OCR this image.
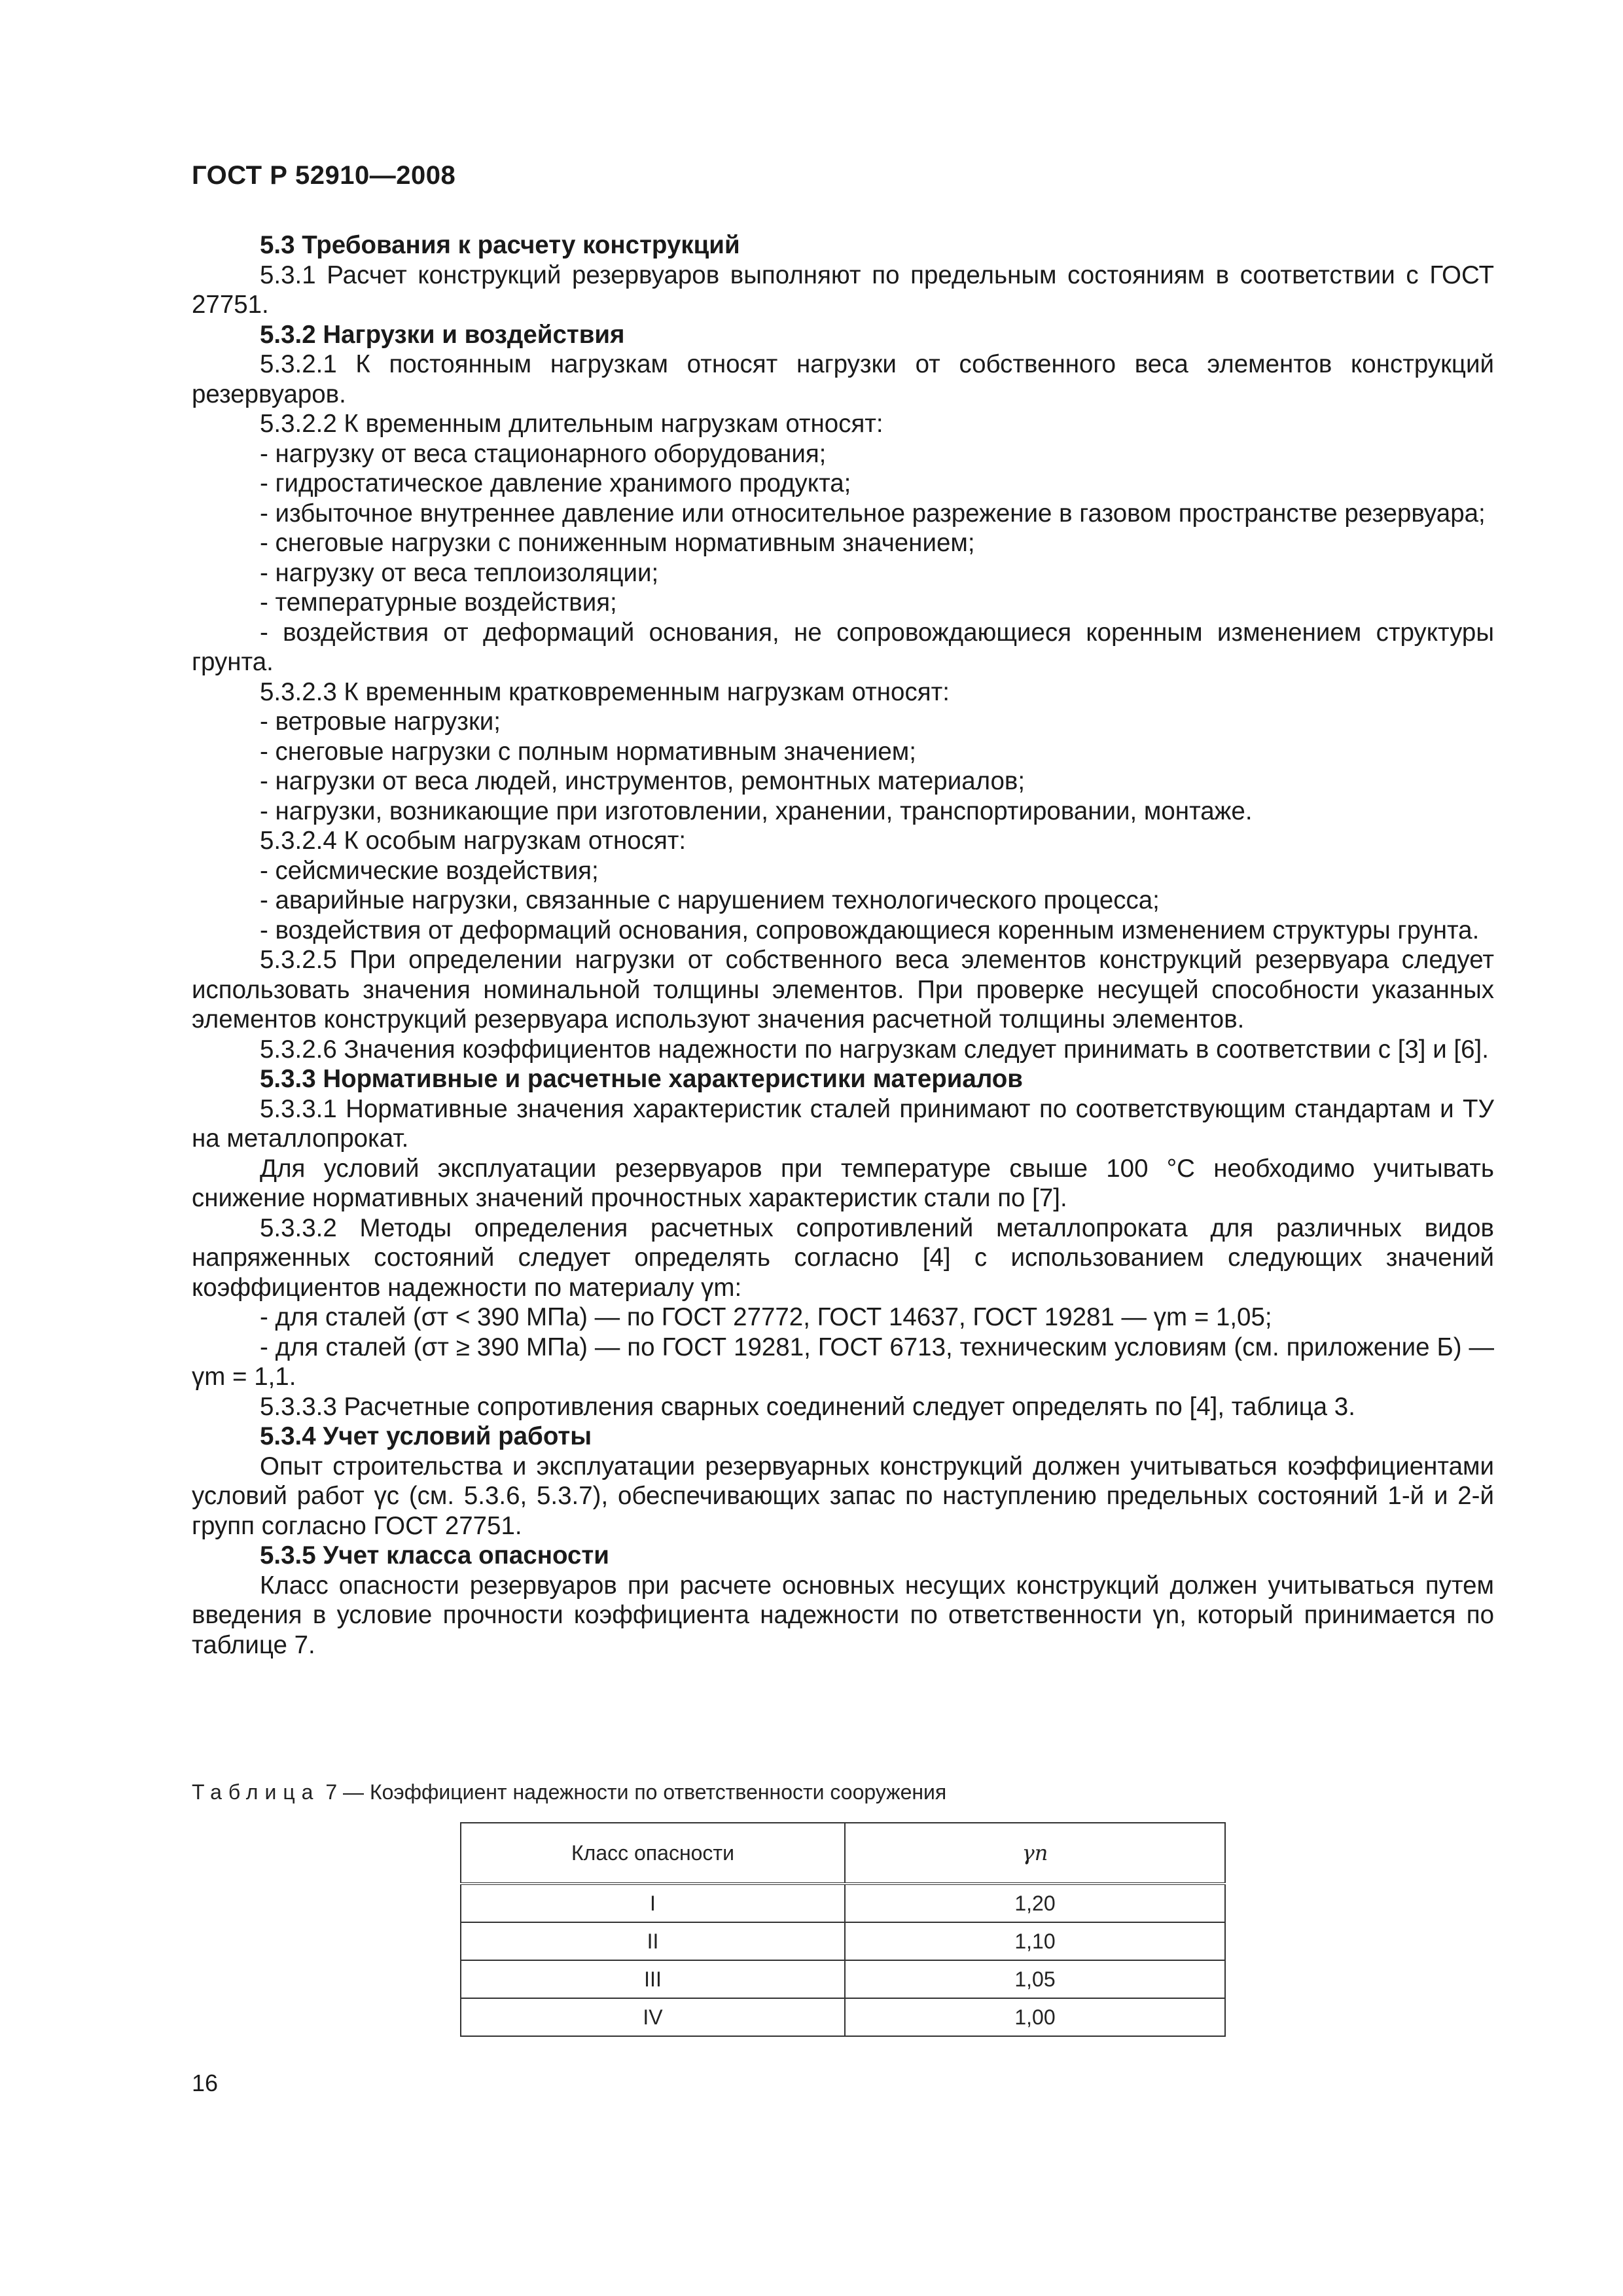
ГОСТ Р 52910—2008

5.3 Требования к расчету конструкций

5.3.1 Расчет конструкций резервуаров выполняют по предельным состояниям в соответствии с ГОСТ 27751.

5.3.2 Нагрузки и воздействия

5.3.2.1 К постоянным нагрузкам относят нагрузки от собственного веса элементов конструкций резервуаров.

5.3.2.2 К временным длительным нагрузкам относят:

- нагрузку от веса стационарного оборудования;

- гидростатическое давление хранимого продукта;

- избыточное внутреннее давление или относительное разрежение в газовом пространстве резервуара;

- снеговые нагрузки с пониженным нормативным значением;

- нагрузку от веса теплоизоляции;

- температурные воздействия;

- воздействия от деформаций основания, не сопровождающиеся коренным изменением структуры грунта.

5.3.2.3 К временным кратковременным нагрузкам относят:

- ветровые нагрузки;

- снеговые нагрузки с полным нормативным значением;

- нагрузки от веса людей, инструментов, ремонтных материалов;

- нагрузки, возникающие при изготовлении, хранении, транспортировании, монтаже.

5.3.2.4 К особым нагрузкам относят:

- сейсмические воздействия;

- аварийные нагрузки, связанные с нарушением технологического процесса;

- воздействия от деформаций основания, сопровождающиеся коренным изменением структуры грунта.

5.3.2.5 При определении нагрузки от собственного веса элементов конструкций резервуара следует использовать значения номинальной толщины элементов. При проверке несущей способности указанных элементов конструкций резервуара используют значения расчетной толщины элементов.

5.3.2.6 Значения коэффициентов надежности по нагрузкам следует принимать в соответствии с [3] и [6].

5.3.3 Нормативные и расчетные характеристики материалов

5.3.3.1 Нормативные значения характеристик сталей принимают по соответствующим стандартам и ТУ на металлопрокат.

Для условий эксплуатации резервуаров при температуре свыше 100 °С необходимо учитывать снижение нормативных значений прочностных характеристик стали по [7].

5.3.3.2 Методы определения расчетных сопротивлений металлопроката для различных видов напряженных состояний следует определять согласно [4] с использованием следующих значений коэффициентов надежности по материалу γm:

- для сталей (σт < 390 МПа) — по ГОСТ 27772, ГОСТ 14637, ГОСТ 19281 — γm = 1,05;

- для сталей (σт ≥ 390 МПа) — по ГОСТ 19281, ГОСТ 6713, техническим условиям (см. приложение Б) — γm = 1,1.

5.3.3.3 Расчетные сопротивления сварных соединений следует определять по [4], таблица 3.

5.3.4 Учет условий работы

Опыт строительства и эксплуатации резервуарных конструкций должен учитываться коэффициентами условий работ γc (см. 5.3.6, 5.3.7), обеспечивающих запас по наступлению предельных состояний 1-й и 2-й групп согласно ГОСТ 27751.

5.3.5 Учет класса опасности

Класс опасности резервуаров при расчете основных несущих конструкций должен учитываться путем введения в условие прочности коэффициента надежности по ответственности γn, который принимается по таблице 7.

Таблица 7 — Коэффициент надежности по ответственности сооружения

Класс опасности	γn
I	1,20
II	1,10
III	1,05
IV	1,00

16
